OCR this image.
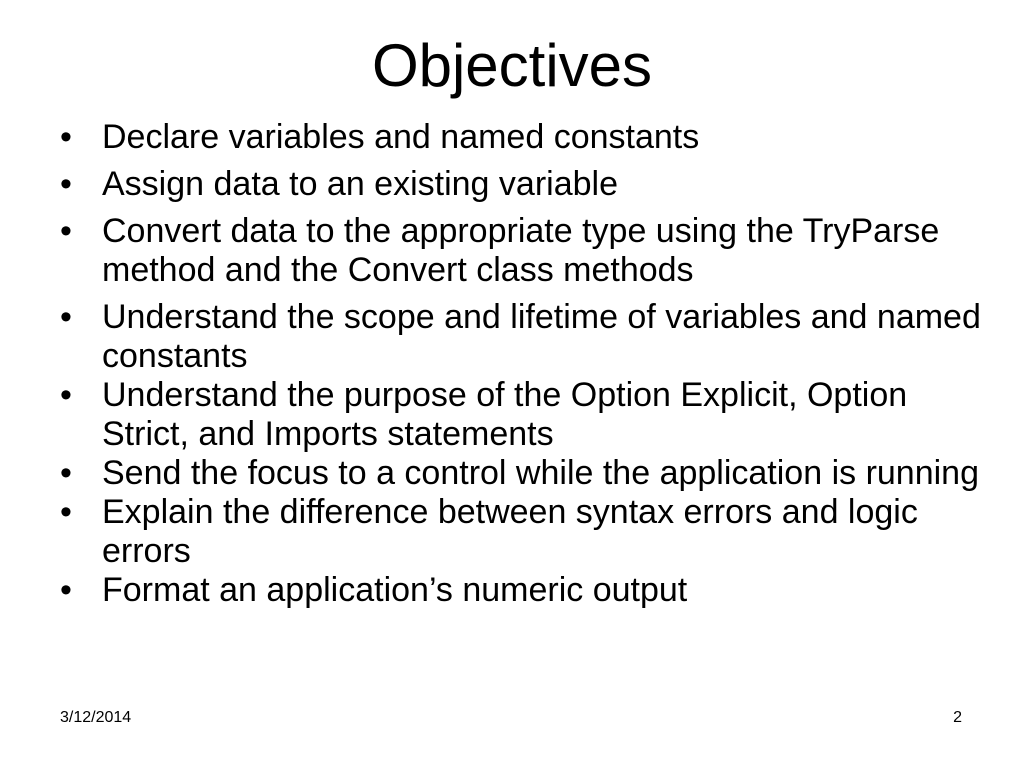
Objectives
• Declare variables and named constants
• Assign data to an existing variable
• Convert data to the appropriate type using the TryParse method and the Convert class methods
• Understand the scope and lifetime of variables and named constants
• Understand the purpose of the Option Explicit, Option Strict, and Imports statements
• Send the focus to a control while the application is running
• Explain the difference between syntax errors and logic errors
• Format an application’s numeric output
3/12/2014	2
